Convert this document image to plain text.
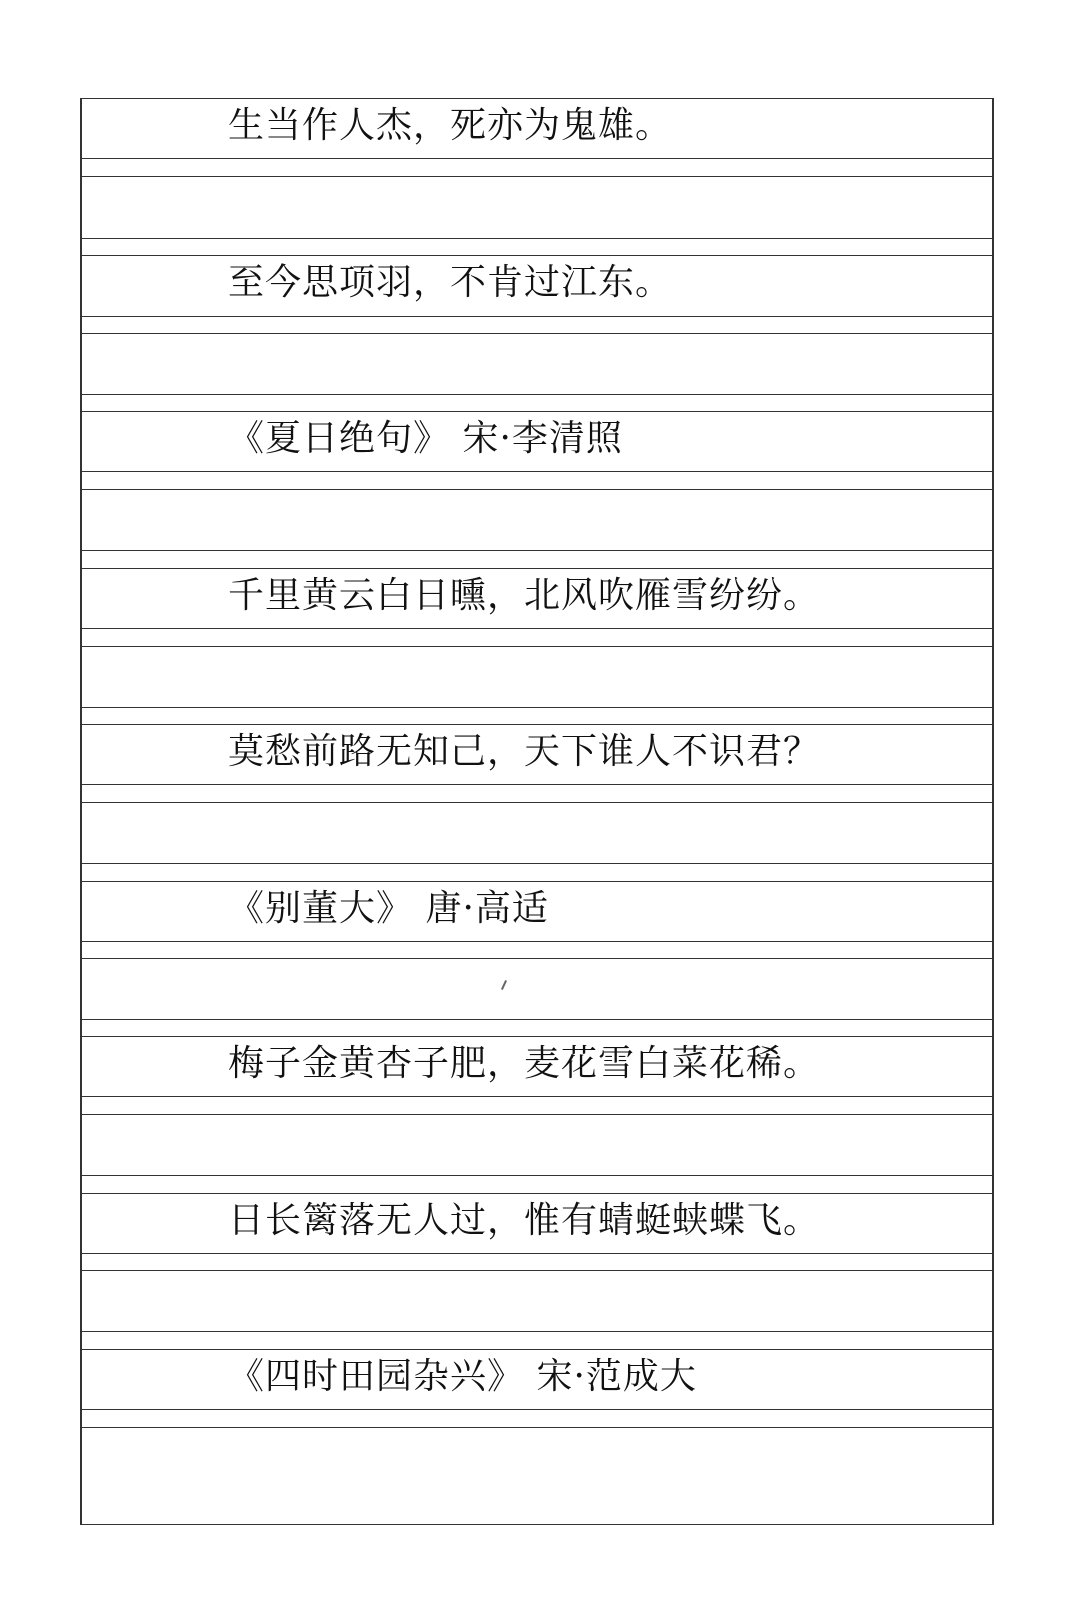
生当作人杰，死亦为鬼雄。
至今思项羽，不肯过江东。
《夏日绝句》 宋·李清照
千里黄云白日曛，北风吹雁雪纷纷。
莫愁前路无知己，天下谁人不识君？
《别董大》 唐·高适
梅子金黄杏子肥，麦花雪白菜花稀。
日长篱落无人过，惟有蜻蜓蛱蝶飞。
《四时田园杂兴》 宋·范成大
